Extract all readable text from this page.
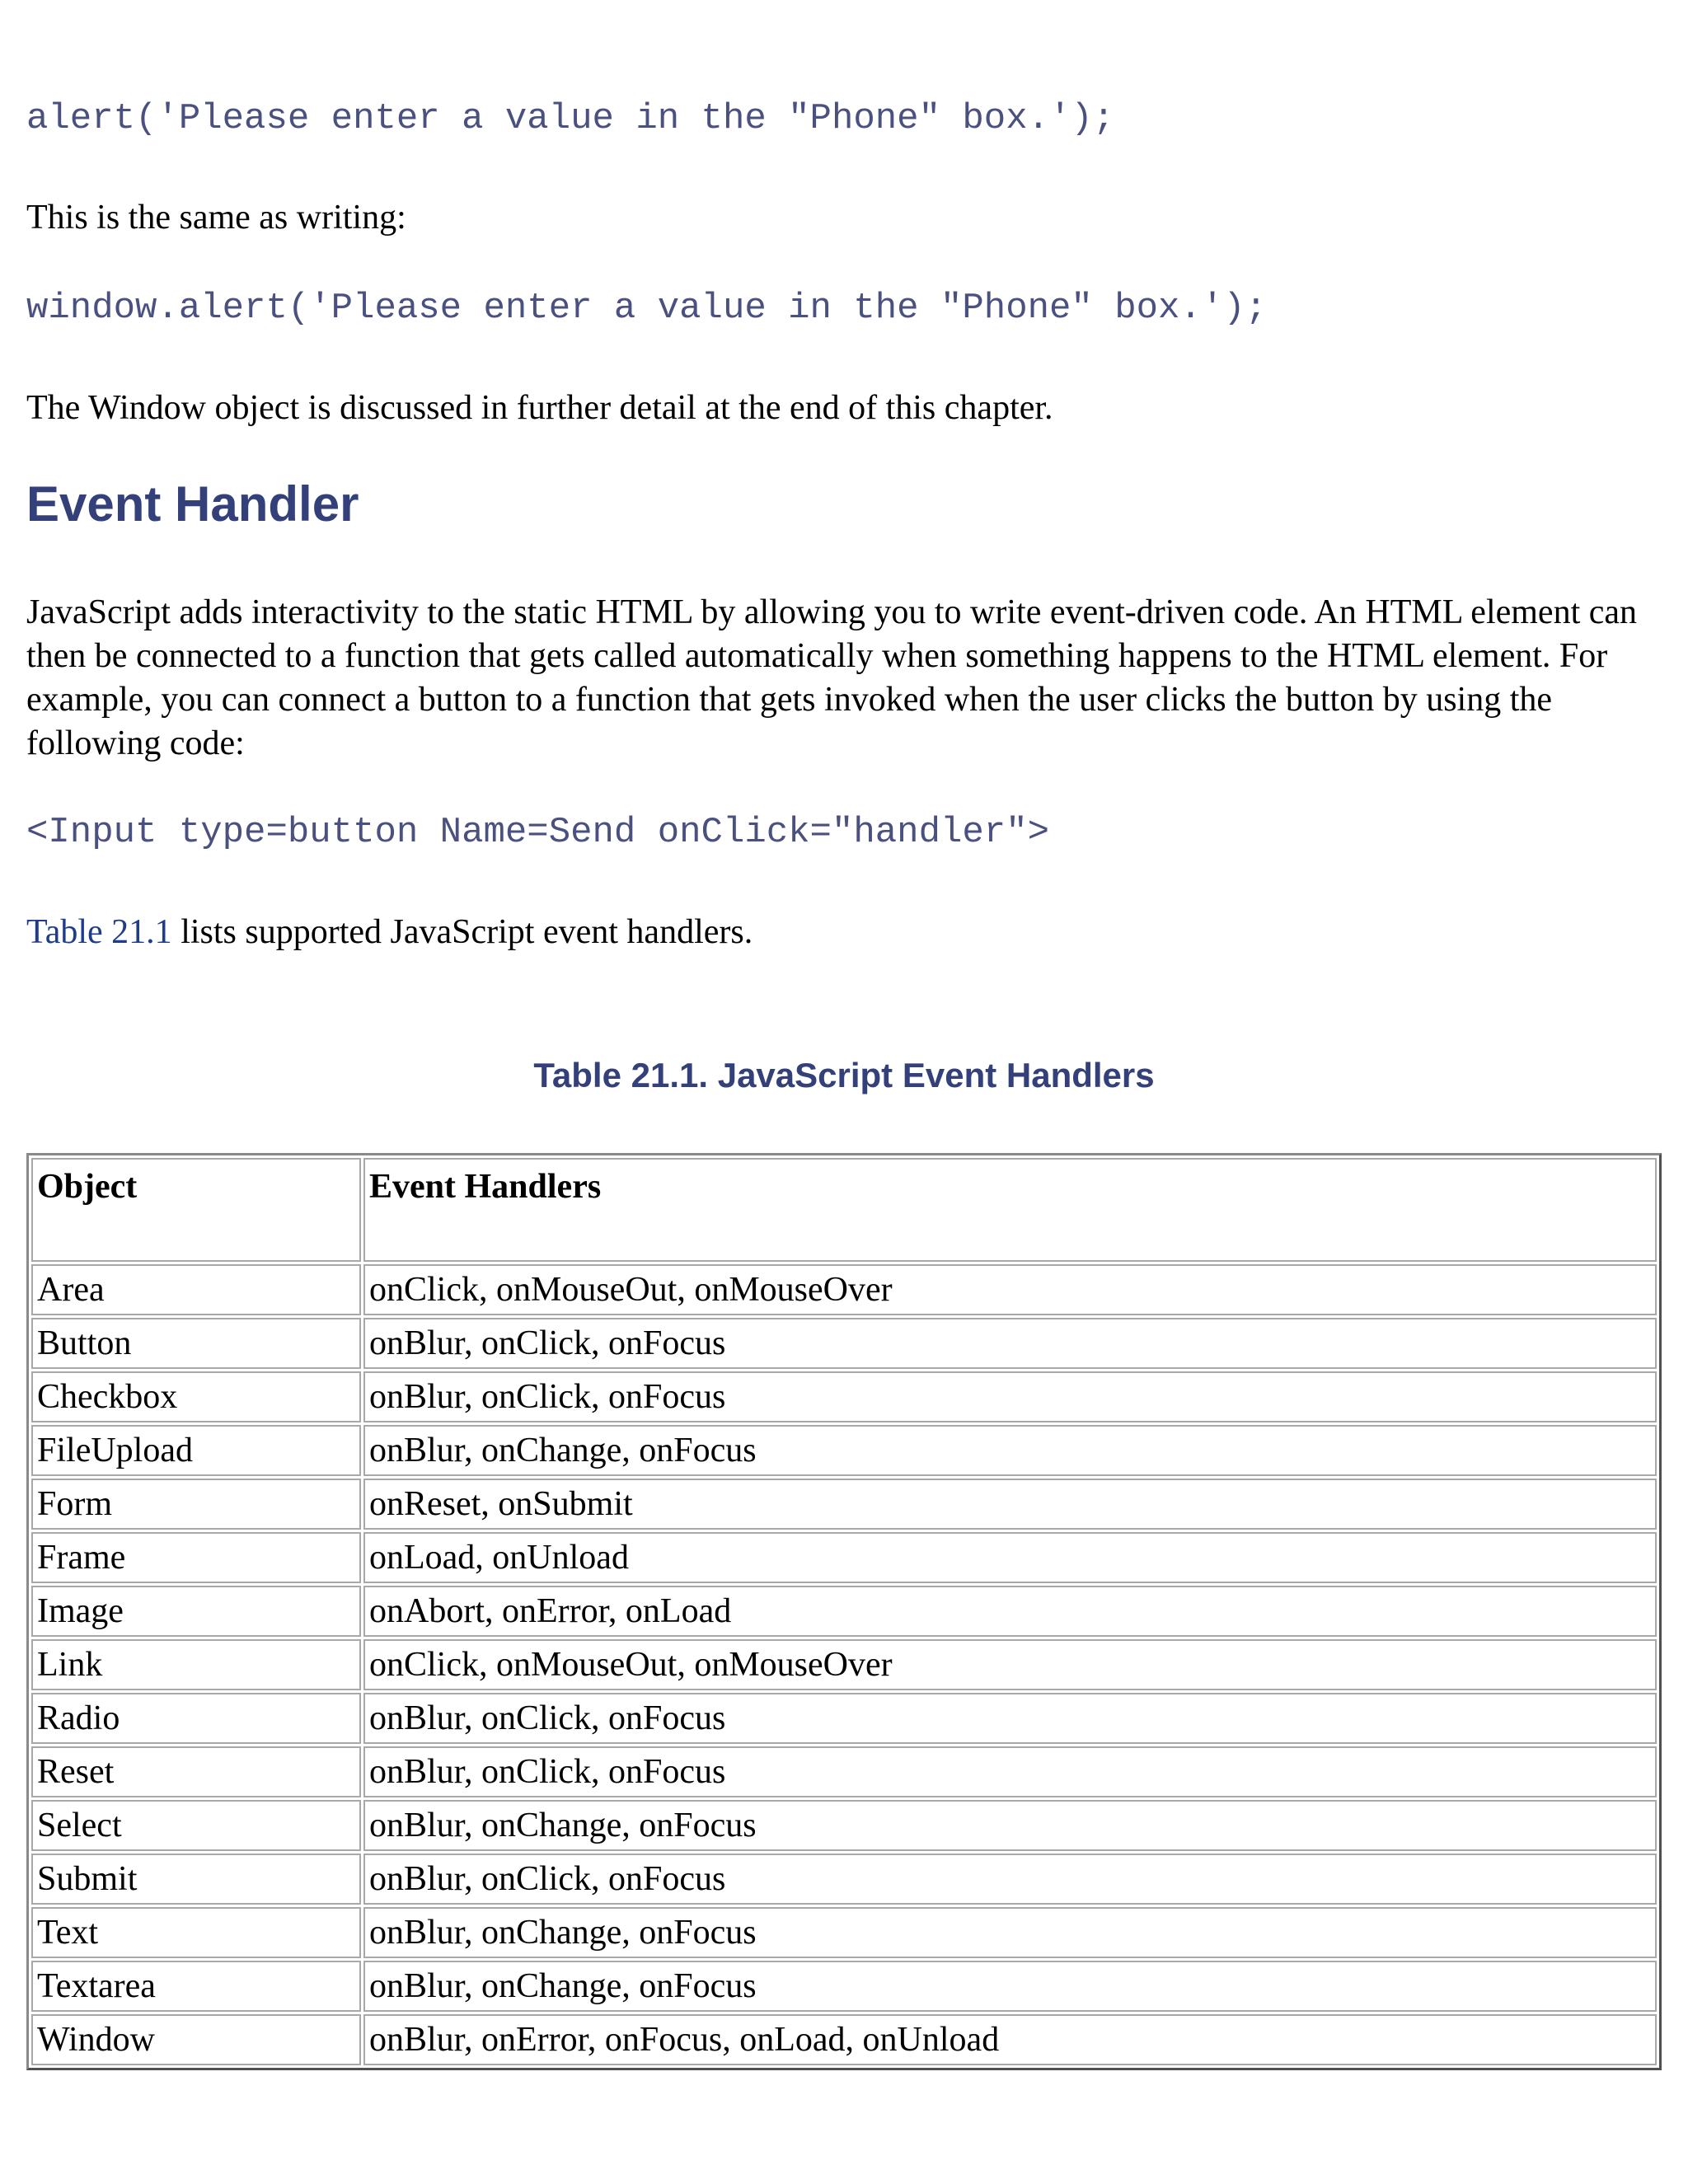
alert('Please enter a value in the "Phone" box.');

This is the same as writing:

window.alert('Please enter a value in the "Phone" box.');

The Window object is discussed in further detail at the end of this chapter.

Event Handler

JavaScript adds interactivity to the static HTML by allowing you to write event-driven code. An HTML element can then be connected to a function that gets called automatically when something happens to the HTML element. For example, you can connect a button to a function that gets invoked when the user clicks the button by using the following code:

<Input type=button Name=Send onClick="handler">

Table 21.1 lists supported JavaScript event handlers.

Table 21.1. JavaScript Event Handlers
Object	Event Handlers
Area	onClick, onMouseOut, onMouseOver
Button	onBlur, onClick, onFocus
Checkbox	onBlur, onClick, onFocus
FileUpload	onBlur, onChange, onFocus
Form	onReset, onSubmit
Frame	onLoad, onUnload
Image	onAbort, onError, onLoad
Link	onClick, onMouseOut, onMouseOver
Radio	onBlur, onClick, onFocus
Reset	onBlur, onClick, onFocus
Select	onBlur, onChange, onFocus
Submit	onBlur, onClick, onFocus
Text	onBlur, onChange, onFocus
Textarea	onBlur, onChange, onFocus
Window	onBlur, onError, onFocus, onLoad, onUnload
